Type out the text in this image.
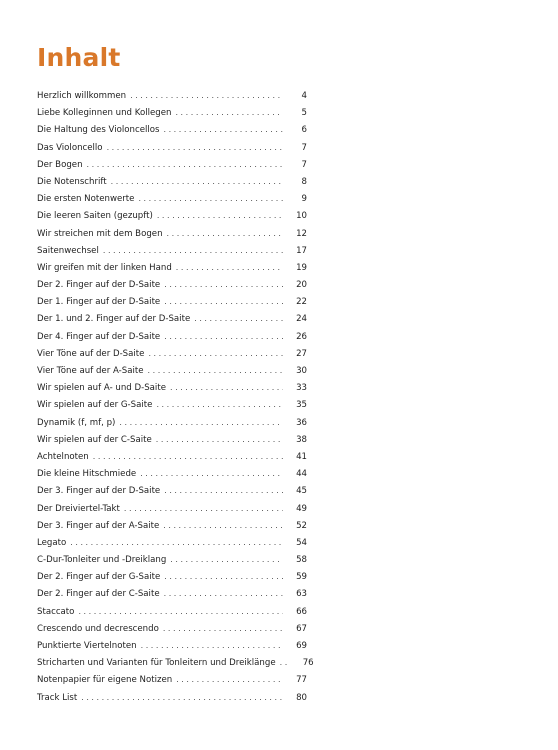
Inhalt
Herzlich willkommen . . .	4
Liebe Kolleginnen und Kollegen . . .	5
Die Haltung des Violoncellos . . .	6
Das Violoncello . . .	7
Der Bogen . . .	7
Die Notenschrift . . .	8
Die ersten Notenwerte . . .	9
Die leeren Saiten (gezupft) . . .	10
Wir streichen mit dem Bogen . . .	12
Saitenwechsel . . .	17
Wir greifen mit der linken Hand . . .	19
Der 2. Finger auf der D-Saite . . .	20
Der 1. Finger auf der D-Saite . . .	22
Der 1. und 2. Finger auf der D-Saite . . .	24
Der 4. Finger auf der D-Saite . . .	26
Vier Töne auf der D-Saite . . .	27
Vier Töne auf der A-Saite . . .	30
Wir spielen auf A- und D-Saite . . .	33
Wir spielen auf der G-Saite . . .	35
Dynamik (f, mf, p) . . .	36
Wir spielen auf der C-Saite . . .	38
Achtelnoten . . .	41
Die kleine Hitschmiede . . .	44
Der 3. Finger auf der D-Saite . . .	45
Der Dreiviertel-Takt . . .	49
Der 3. Finger auf der A-Saite . . .	52
Legato . . .	54
C-Dur-Tonleiter und -Dreiklang . . .	58
Der 2. Finger auf der G-Saite . . .	59
Der 2. Finger auf der C-Saite . . .	63
Staccato . . .	66
Crescendo und decrescendo . . .	67
Punktierte Viertelnoten . . .	69
Stricharten und Varianten für Tonleitern und Dreiklänge . . .	76
Notenpapier für eigene Notizen . . .	77
Track List . . .	80
